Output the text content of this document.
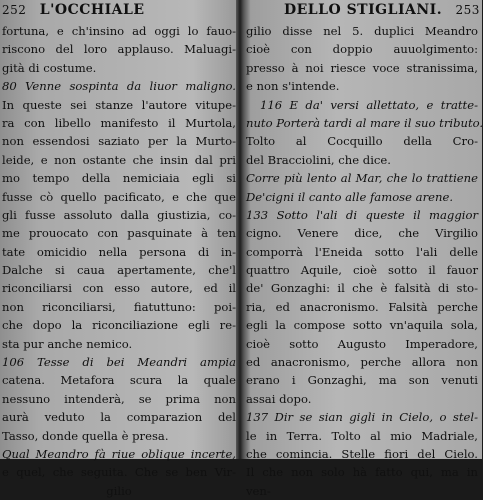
252 L'OCCHIALE
fortuna, e ch'insino ad oggi lo fauo-
riscono del loro applauso. Maluagi-
gità di costume.
80 Venne sospinta da liuor maligno.
In queste sei stanze l'autore vitupe-
ra con libello manifesto il Murtola,
non essendosi saziato per la Murto-
leide, e non ostante che insin dal pri
mo tempo della nemiciaia egli si
fusse cò quello pacificato, e che que
gli fusse assoluto dalla giustizia, co-
me prouocato con pasquinate à ten
tate omicidio nella persona di in-
Dalche si caua apertamente, che'l
riconciliarsi con esso autore, ed il
non riconciliarsi, fiatuttuno: poi-
che dopo la riconciliazione egli re-
sta pur anche nemico.
106 Tesse di bei Meandri ampia
catena. Metafora scura la quale
nessuno intenderà, se prima non
aurà veduto la comparazion del
Tasso, donde quella è presa.
Qual Meandro fà riue oblique incerte,
e quel, che seguita. Che se ben Vir-
gilio
DELLO STIGLIANI. 253
gilio disse nel 5. duplici Meandro
cioè con doppio auuolgimento:
presso à noi riesce voce stranissima,
e non s'intende.
116 E da' versi allettato, e tratte-
nuto Porterà tardi al mare il suo tributo.
Tolto al Cocquillo della Cro-
del Bracciolini, che dice.
Corre più lento al Mar, che lo trattiene
De'cigni il canto alle famose arene.
133 Sotto l'ali di queste il maggior
cigno. Venere dice, che Virgilio
comporrà l'Eneida sotto l'ali delle
quattro Aquile, cioè sotto il fauor
de' Gonzaghi: il che è falsità di sto-
ria, ed anacronismo. Falsità perche
egli la compose sotto vn'aquila sola,
cioè sotto Augusto Imperadore,
ed anacronismo, perche allora non
erano i Gonzaghi, ma son venuti
assai dopo.
137 Dir se sian gigli in Cielo, o stel-
le in Terra. Tolto al mio Madriale,
che comincia. Stelle fiori del Cielo.
Il che non solo hà fatto qui, ma in
ven-
